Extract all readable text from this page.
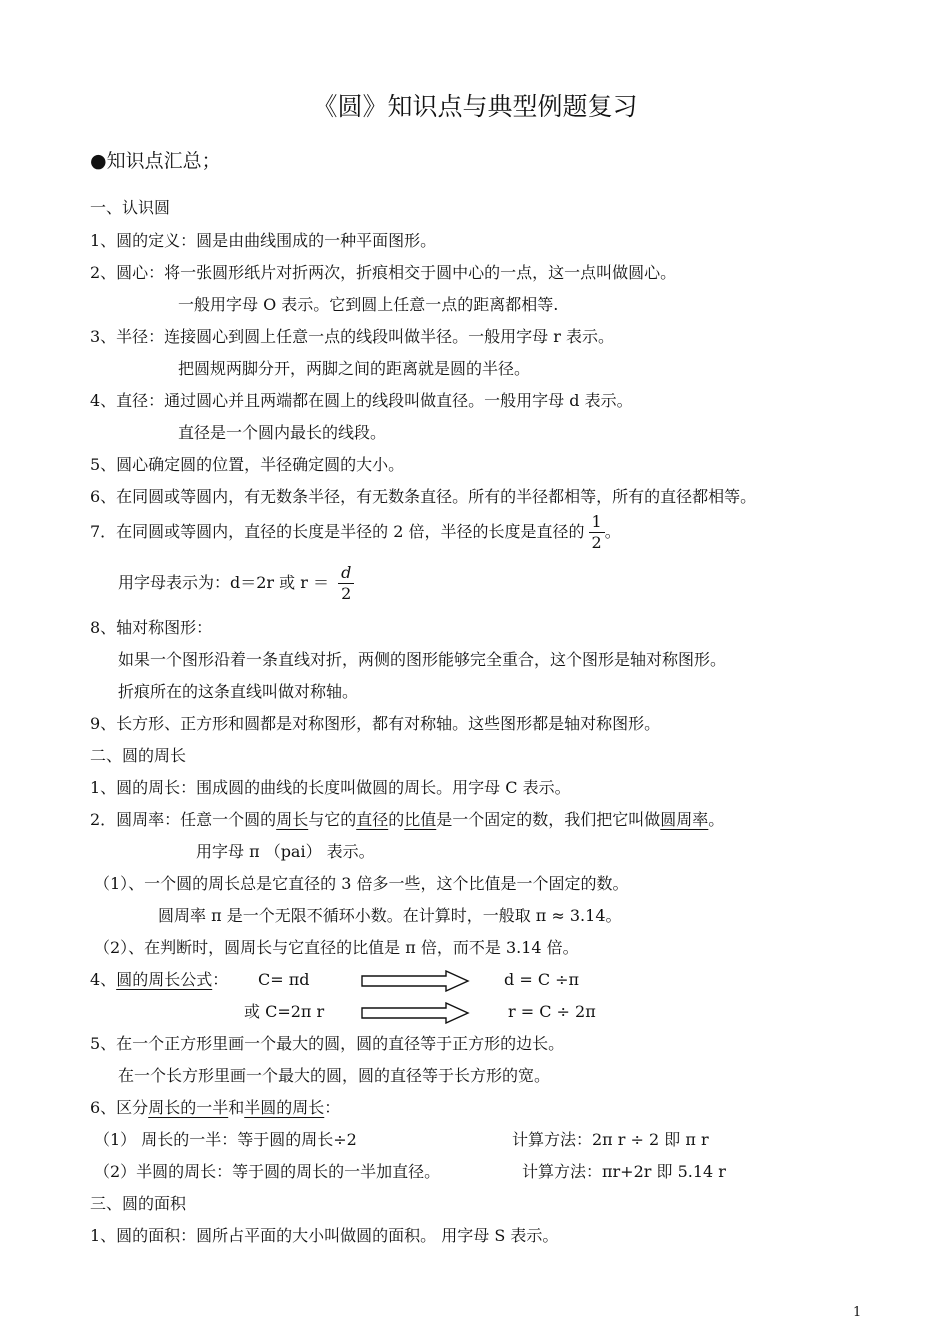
《圆》知识点与典型例题复习
●知识点汇总；
一、认识圆
1、圆的定义：圆是由曲线围成的一种平面图形。
2、圆心：将一张圆形纸片对折两次，折痕相交于圆中心的一点，这一点叫做圆心。
一般用字母 O 表示。它到圆上任意一点的距离都相等.
3、半径：连接圆心到圆上任意一点的线段叫做半径。一般用字母 r 表示。
把圆规两脚分开，两脚之间的距离就是圆的半径。
4、直径：通过圆心并且两端都在圆上的线段叫做直径。一般用字母 d 表示。
直径是一个圆内最长的线段。
5、圆心确定圆的位置，半径确定圆的大小。
6、在同圆或等圆内，有无数条半径，有无数条直径。所有的半径都相等，所有的直径都相等。
7．在同圆或等圆内，直径的长度是半径的 2 倍，半径的长度是直径的 $\frac{1}{2}$ 。
用字母表示为：d＝2r 或 $r = \frac{d}{2}$
8、轴对称图形：
如果一个图形沿着一条直线对折，两侧的图形能够完全重合，这个图形是轴对称图形。
折痕所在的这条直线叫做对称轴。
9、长方形、正方形和圆都是对称图形，都有对称轴。这些图形都是轴对称图形。
二、圆的周长
1、圆的周长：围成圆的曲线的长度叫做圆的周长。用字母 C 表示。
2．圆周率：任意一个圆的周长与它的直径的比值是一个固定的数，我们把它叫做圆周率。
用字母 π （pai） 表示。
（1）、一个圆的周长总是它直径的 3 倍多一些，这个比值是一个固定的数。
圆周率 π 是一个无限不循环小数。在计算时，一般取 π ≈ 3.14。
（2）、在判断时，圆周长与它直径的比值是 π 倍，而不是 3.14 倍。
4、圆的周长公式： C= πd	d = C ÷π
或 C=2π r	r = C ÷ 2π
5、在一个正方形里画一个最大的圆，圆的直径等于正方形的边长。
在一个长方形里画一个最大的圆，圆的直径等于长方形的宽。
6、区分周长的一半和半圆的周长：
（1） 周长的一半：等于圆的周长÷2	计算方法：2π r ÷ 2 即 π r
（2）半圆的周长：等于圆的周长的一半加直径。	计算方法：πr+2r 即 5.14 r
三、圆的面积
1、圆的面积：圆所占平面的大小叫做圆的面积。 用字母 S 表示。
1
